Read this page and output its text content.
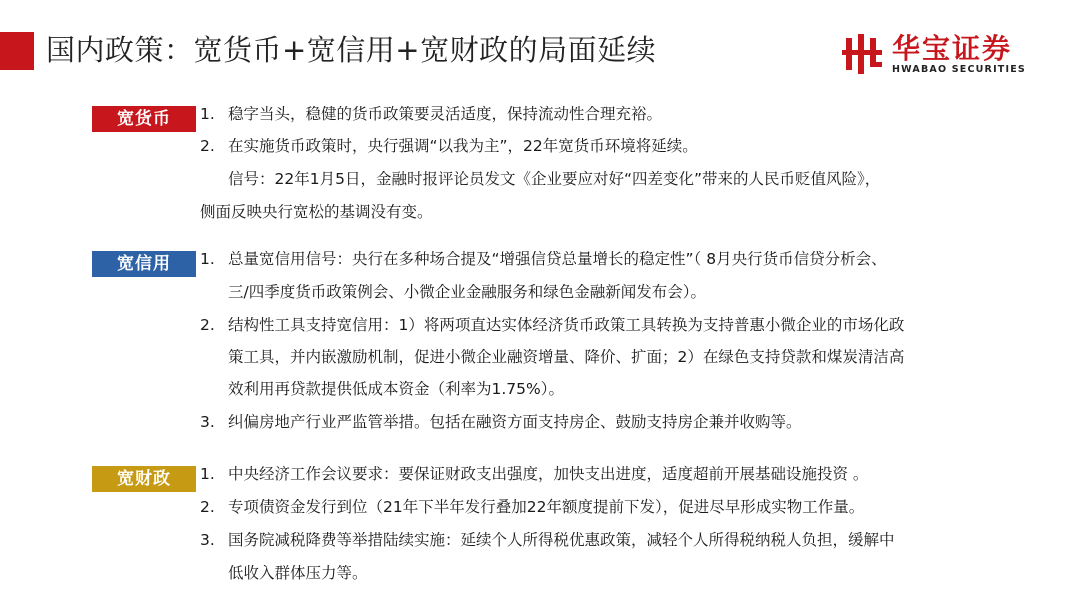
国内政策：宽货币+宽信用+宽财政的局面延续	华宝证券
HWABAO SECURITIES
宽货币	1. 稳字当头，稳健的货币政策要灵活适度，保持流动性合理充裕。
2. 在实施货币政策时，央行强调“以我为主”，22年宽货币环境将延续。
信号：22年1月5日，金融时报评论员发文《企业要应对好“四差变化”带来的人民币贬值风险》，
侧面反映央行宽松的基调没有变。
宽信用	1. 总量宽信用信号：央行在多种场合提及“增强信贷总量增长的稳定性”（ 8月央行货币信贷分析会、
三/四季度货币政策例会、小微企业金融服务和绿色金融新闻发布会）。
2. 结构性工具支持宽信用：1）将两项直达实体经济货币政策工具转换为支持普惠小微企业的市场化政
策工具，并内嵌激励机制，促进小微企业融资增量、降价、扩面；2）在绿色支持贷款和煤炭清洁高
效利用再贷款提供低成本资金（利率为1.75%）。
3. 纠偏房地产行业严监管举措。包括在融资方面支持房企、鼓励支持房企兼并收购等。
宽财政	1. 中央经济工作会议要求：要保证财政支出强度，加快支出进度，适度超前开展基础设施投资 。
2. 专项债资金发行到位（21年下半年发行叠加22年额度提前下发），促进尽早形成实物工作量。
3. 国务院减税降费等举措陆续实施：延续个人所得税优惠政策，减轻个人所得税纳税人负担，缓解中
低收入群体压力等。
